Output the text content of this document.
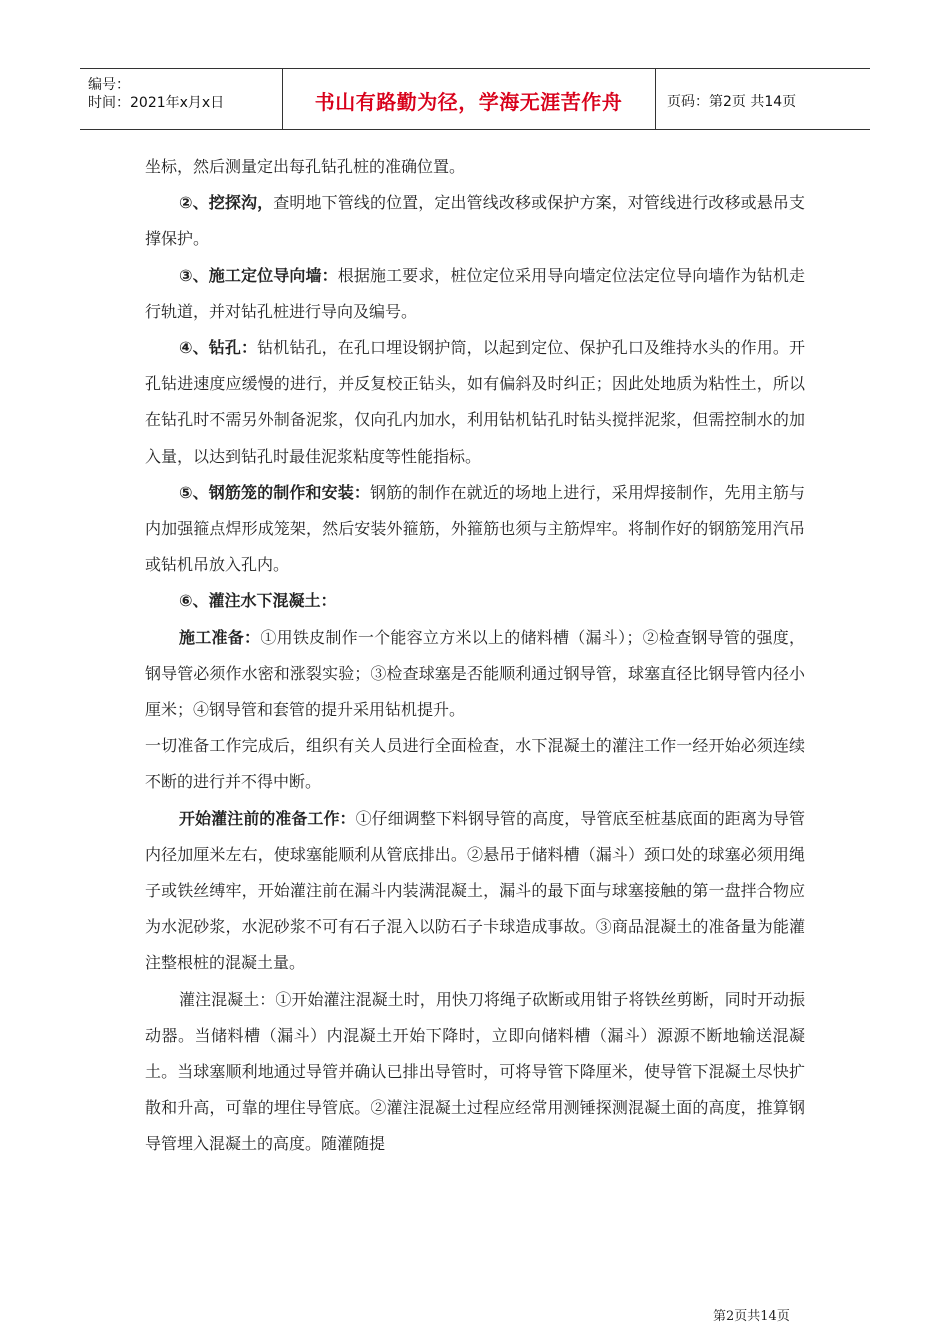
编号：
时间：2021年x月x日	书山有路勤为径，学海无涯苦作舟	页码：第2页 共14页

坐标，然后测量定出每孔钻孔桩的准确位置。

②、挖探沟，查明地下管线的位置，定出管线改移或保护方案，对管线进行改移或悬吊支撑保护。

③、施工定位导向墙：根据施工要求，桩位定位采用导向墙定位法定位导向墙作为钻机走行轨道，并对钻孔桩进行导向及编号。

④、钻孔：钻机钻孔，在孔口埋设钢护筒，以起到定位、保护孔口及维持水头的作用。开孔钻进速度应缓慢的进行，并反复校正钻头，如有偏斜及时纠正；因此处地质为粘性土，所以在钻孔时不需另外制备泥浆，仅向孔内加水，利用钻机钻孔时钻头搅拌泥浆，但需控制水的加入量，以达到钻孔时最佳泥浆粘度等性能指标。

⑤、钢筋笼的制作和安装：钢筋的制作在就近的场地上进行，采用焊接制作，先用主筋与内加强箍点焊形成笼架，然后安装外箍筋，外箍筋也须与主筋焊牢。将制作好的钢筋笼用汽吊或钻机吊放入孔内。

⑥、灌注水下混凝土：

施工准备：①用铁皮制作一个能容立方米以上的储料槽（漏斗）；②检查钢导管的强度，钢导管必须作水密和涨裂实验；③检查球塞是否能顺利通过钢导管，球塞直径比钢导管内径小厘米；④钢导管和套管的提升采用钻机提升。

一切准备工作完成后，组织有关人员进行全面检查，水下混凝土的灌注工作一经开始必须连续不断的进行并不得中断。

开始灌注前的准备工作：①仔细调整下料钢导管的高度，导管底至桩基底面的距离为导管内径加厘米左右，使球塞能顺利从管底排出。②悬吊于储料槽（漏斗）颈口处的球塞必须用绳子或铁丝缚牢，开始灌注前在漏斗内装满混凝土，漏斗的最下面与球塞接触的第一盘拌合物应为水泥砂浆，水泥砂浆不可有石子混入以防石子卡球造成事故。③商品混凝土的准备量为能灌注整根桩的混凝土量。

灌注混凝土：①开始灌注混凝土时，用快刀将绳子砍断或用钳子将铁丝剪断，同时开动振动器。当储料槽（漏斗）内混凝土开始下降时，立即向储料槽（漏斗）源源不断地输送混凝土。当球塞顺利地通过导管并确认已排出导管时，可将导管下降厘米，使导管下混凝土尽快扩散和升高，可靠的埋住导管底。②灌注混凝土过程应经常用测锤探测混凝土面的高度，推算钢导管埋入混凝土的高度。随灌随提

第2页共14页
